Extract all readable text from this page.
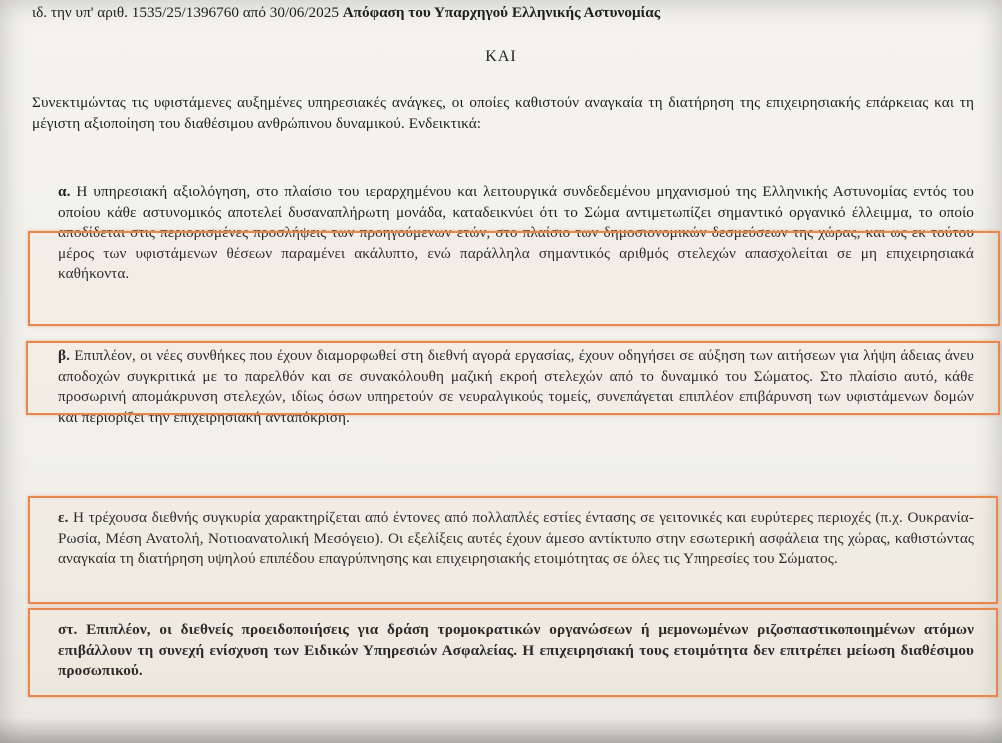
ιδ. την υπ' αριθ. 1535/25/1396760 από 30/06/2025 Απόφαση του Υπαρχηγού Ελληνικής Αστυνομίας
ΚΑΙ
Συνεκτιμώντας τις υφιστάμενες αυξημένες υπηρεσιακές ανάγκες, οι οποίες καθιστούν αναγκαία τη διατήρηση της επιχειρησιακής επάρκειας και τη μέγιστη αξιοποίηση του διαθέσιμου ανθρώπινου δυναμικού. Ενδεικτικά:
α. Η υπηρεσιακή αξιολόγηση, στο πλαίσιο του ιεραρχημένου και λειτουργικά συνδεδεμένου μηχανισμού της Ελληνικής Αστυνομίας εντός του οποίου κάθε αστυνομικός αποτελεί δυσαναπλήρωτη μονάδα, καταδεικνύει ότι το Σώμα αντιμετωπίζει σημαντικό οργανικό έλλειμμα, το οποίο αποδίδεται στις περιορισμένες προσλήψεις των προηγούμενων ετών, στο πλαίσιο των δημοσιονομικών δεσμεύσεων της χώρας, και ως εκ τούτου μέρος των υφιστάμενων θέσεων παραμένει ακάλυπτο, ενώ παράλληλα σημαντικός αριθμός στελεχών απασχολείται σε μη επιχειρησιακά καθήκοντα.
β. Επιπλέον, οι νέες συνθήκες που έχουν διαμορφωθεί στη διεθνή αγορά εργασίας, έχουν οδηγήσει σε αύξηση των αιτήσεων για λήψη άδειας άνευ αποδοχών συγκριτικά με το παρελθόν και σε συνακόλουθη μαζική εκροή στελεχών από το δυναμικό του Σώματος. Στο πλαίσιο αυτό, κάθε προσωρινή απομάκρυνση στελεχών, ιδίως όσων υπηρετούν σε νευραλγικούς τομείς, συνεπάγεται επιπλέον επιβάρυνση των υφιστάμενων δομών και περιορίζει την επιχειρησιακή ανταπόκριση.
ε. Η τρέχουσα διεθνής συγκυρία χαρακτηρίζεται από έντονες από πολλαπλές εστίες έντασης σε γειτονικές και ευρύτερες περιοχές (π.χ. Ουκρανία-Ρωσία, Μέση Ανατολή, Νοτιοανατολική Μεσόγειο). Οι εξελίξεις αυτές έχουν άμεσο αντίκτυπο στην εσωτερική ασφάλεια της χώρας, καθιστώντας αναγκαία τη διατήρηση υψηλού επιπέδου επαγρύπνησης και επιχειρησιακής ετοιμότητας σε όλες τις Υπηρεσίες του Σώματος.
στ. Επιπλέον, οι διεθνείς προειδοποιήσεις για δράση τρομοκρατικών οργανώσεων ή μεμονωμένων ριζοσπαστικοποιημένων ατόμων επιβάλλουν τη συνεχή ενίσχυση των Ειδικών Υπηρεσιών Ασφαλείας. Η επιχειρησιακή τους ετοιμότητα δεν επιτρέπει μείωση διαθέσιμου προσωπικού.
